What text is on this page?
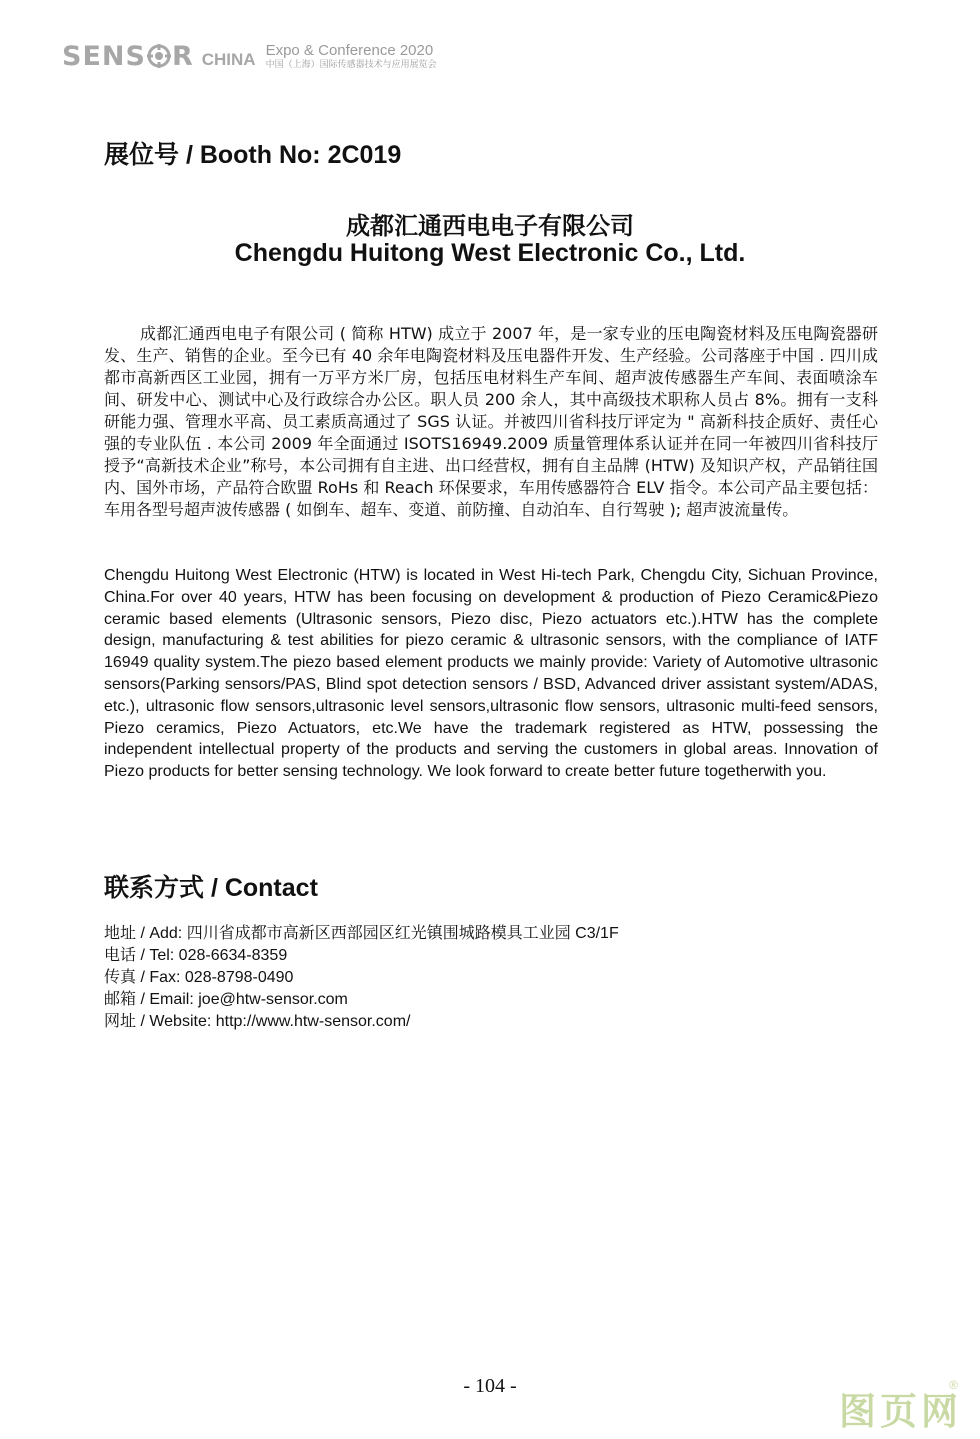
SENS R CHINA Expo & Conference 2020
中国（上海）国际传感器技术与应用展览会
展位号 / Booth No: 2C019
成都汇通西电电子有限公司
Chengdu Huitong West Electronic Co., Ltd.
成都汇通西电电子有限公司 ( 简称 HTW) 成立于 2007 年，是一家专业的压电陶瓷材料及压电陶瓷器研发、生产、销售的企业。至今已有 40 余年电陶瓷材料及压电器件开发、生产经验。公司落座于中国 . 四川成都市高新西区工业园，拥有一万平方米厂房，包括压电材料生产车间、超声波传感器生产车间、表面喷涂车间、研发中心、测试中心及行政综合办公区。职人员 200 余人，其中高级技术职称人员占 8%。拥有一支科研能力强、管理水平高、员工素质高通过了 SGS 认证。并被四川省科技厅评定为 " 高新科技企质好、责任心强的专业队伍 . 本公司 2009 年全面通过 ISOTS16949.2009 质量管理体系认证并在同一年被四川省科技厅授予“高新技术企业”称号，本公司拥有自主进、出口经营权，拥有自主品牌 (HTW) 及知识产权，产品销往国内、国外市场，产品符合欧盟 RoHs 和 Reach 环保要求，车用传感器符合 ELV 指令。本公司产品主要包括：车用各型号超声波传感器 ( 如倒车、超车、变道、前防撞、自动泊车、自行驾驶 ); 超声波流量传。
Chengdu Huitong West Electronic (HTW) is located in West Hi-tech Park, Chengdu City, Sichuan Province, China.For over 40 years, HTW has been focusing on development & production of Piezo Ceramic&Piezo ceramic based elements (Ultrasonic sensors, Piezo disc, Piezo actuators etc.).HTW has the complete design, manufacturing & test abilities for piezo ceramic & ultrasonic sensors, with the compliance of IATF 16949 quality system.The piezo based element products we mainly provide: Variety of Automotive ultrasonic sensors(Parking sensors/PAS, Blind spot detection sensors / BSD, Advanced driver assistant system/ADAS, etc.), ultrasonic flow sensors,ultrasonic level sensors,ultrasonic flow sensors, ultrasonic multi-feed sensors, Piezo ceramics, Piezo Actuators, etc.We have the trademark registered as HTW, possessing the independent intellectual property of the products and serving the customers in global areas. Innovation of Piezo products for better sensing technology. We look forward to create better future togetherwith you.
联系方式 / Contact
地址 / Add: 四川省成都市高新区西部园区红光镇围城路模具工业园 C3/1F
电话 / Tel: 028-6634-8359
传真 / Fax: 028-8798-0490
邮箱 / Email: joe@htw-sensor.com
网址 / Website: http://www.htw-sensor.com/
- 104 -
图页网
®
